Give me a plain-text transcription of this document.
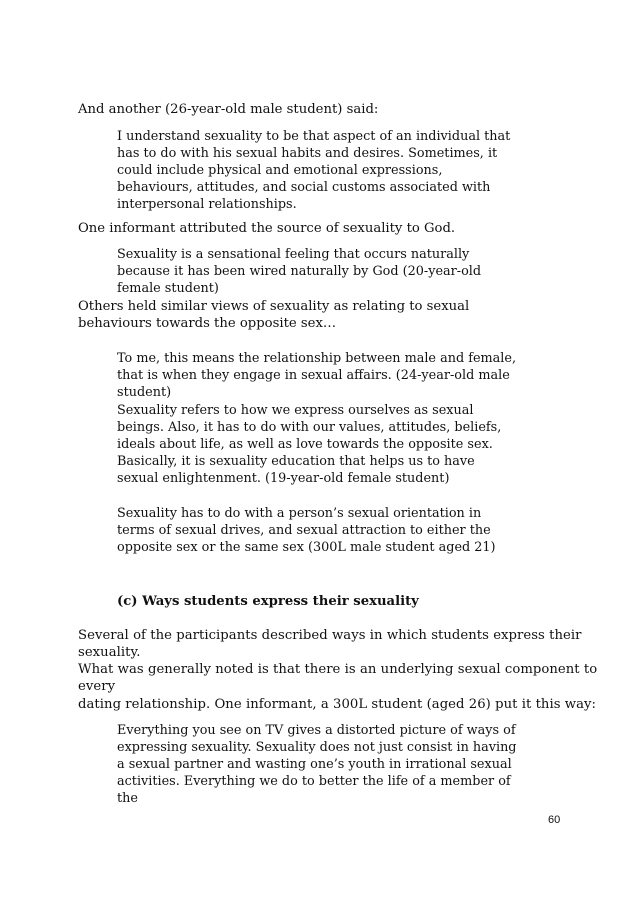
And another (26-year-old male student) said:

I understand sexuality to be that aspect of an individual that has to do with his sexual habits and desires. Sometimes, it could include physical and emotional expressions, behaviours, attitudes, and social customs associated with interpersonal relationships.

One informant attributed the source of sexuality to God.

Sexuality is a sensational feeling that occurs naturally because it has been wired naturally by God (20-year-old female student)

Others held similar views of sexuality as relating to sexual behaviours towards the opposite sex…

To me, this means the relationship between male and female, that is when they engage in sexual affairs. (24-year-old male student)

Sexuality refers to how we express ourselves as sexual beings. Also, it has to do with our values, attitudes, beliefs, ideals about life, as well as love towards the opposite sex. Basically, it is sexuality education that helps us to have sexual enlightenment. (19-year-old female student)

Sexuality has to do with a person’s sexual orientation in terms of sexual drives, and sexual attraction to either the opposite sex or the same sex (300L male student aged 21)

(c) Ways students express their sexuality

Several of the participants described ways in which students express their sexuality.

What was generally noted is that there is an underlying sexual component to every

dating relationship. One informant, a 300L student (aged 26) put it this way:

Everything you see on TV gives a distorted picture of ways of expressing sexuality. Sexuality does not just consist in having a sexual partner and wasting one’s youth in irrational sexual activities. Everything we do to better the life of a member of the

60
